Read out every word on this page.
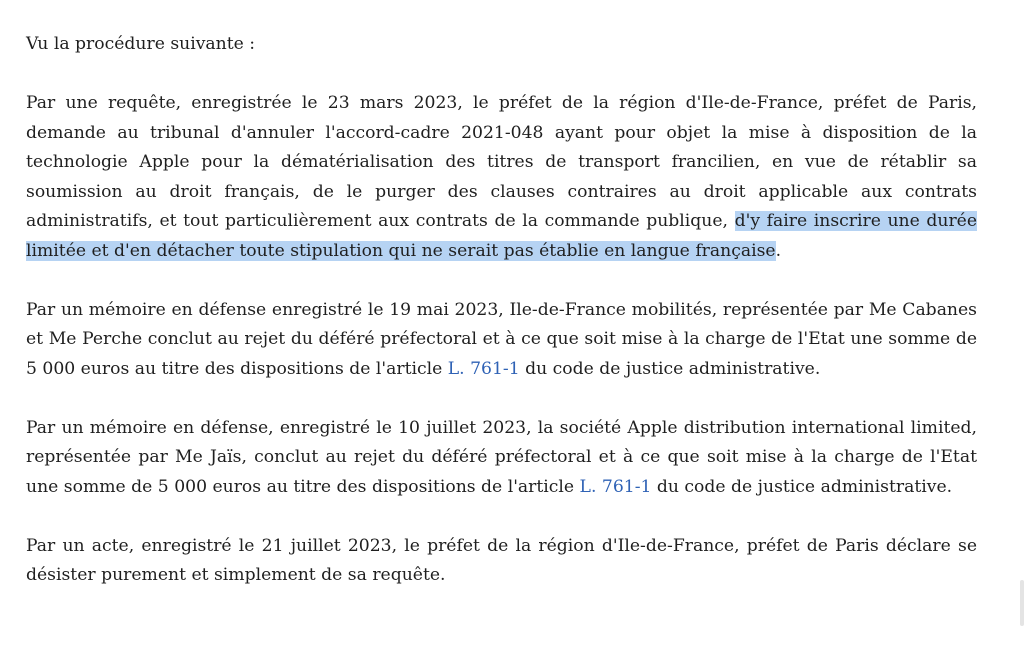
Vu la procédure suivante :

Par une requête, enregistrée le 23 mars 2023, le préfet de la région d'Ile-de-France, préfet de Paris, demande au tribunal d'annuler l'accord-cadre 2021-048 ayant pour objet la mise à disposition de la technologie Apple pour la dématérialisation des titres de transport francilien, en vue de rétablir sa soumission au droit français, de le purger des clauses contraires au droit applicable aux contrats administratifs, et tout particulièrement aux contrats de la commande publique, d'y faire inscrire une durée limitée et d'en détacher toute stipulation qui ne serait pas établie en langue française.

Par un mémoire en défense enregistré le 19 mai 2023, Ile-de-France mobilités, représentée par Me Cabanes et Me Perche conclut au rejet du déféré préfectoral et à ce que soit mise à la charge de l'Etat une somme de 5 000 euros au titre des dispositions de l'article L. 761-1 du code de justice administrative.

Par un mémoire en défense, enregistré le 10 juillet 2023, la société Apple distribution international limited, représentée par Me Jaïs, conclut au rejet du déféré préfectoral et à ce que soit mise à la charge de l'Etat une somme de 5 000 euros au titre des dispositions de l'article L. 761-1 du code de justice administrative.

Par un acte, enregistré le 21 juillet 2023, le préfet de la région d'Ile-de-France, préfet de Paris déclare se désister purement et simplement de sa requête.
